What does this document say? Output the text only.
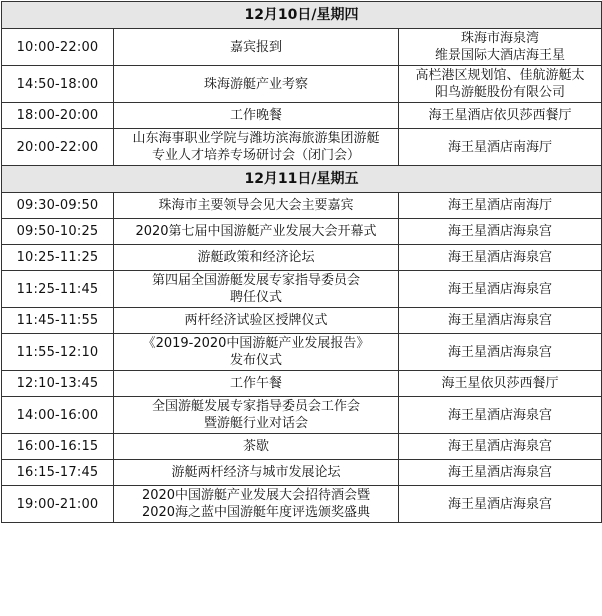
12月10日/星期四		
10:00-22:00	嘉宾报到	珠海市海泉湾
维景国际大酒店海王星
14:50-18:00	珠海游艇产业考察	高栏港区规划馆、佳航游艇太
阳鸟游艇股份有限公司
18:00-20:00	工作晚餐	海王星酒店依贝莎西餐厅
20:00-22:00	山东海事职业学院与潍坊滨海旅游集团游艇
专业人才培养专场研讨会（闭门会）	海王星酒店南海厅
12月11日/星期五		
09:30-09:50	珠海市主要领导会见大会主要嘉宾	海王星酒店南海厅
09:50-10:25	2020第七届中国游艇产业发展大会开幕式	海王星酒店海泉宫
10:25-11:25	游艇政策和经济论坛	海王星酒店海泉宫
11:25-11:45	第四届全国游艇发展专家指导委员会
聘任仪式	海王星酒店海泉宫
11:45-11:55	两杆经济试验区授牌仪式	海王星酒店海泉宫
11:55-12:10	《2019-2020中国游艇产业发展报告》
发布仪式	海王星酒店海泉宫
12:10-13:45	工作午餐	海王星依贝莎西餐厅
14:00-16:00	全国游艇发展专家指导委员会工作会
暨游艇行业对话会	海王星酒店海泉宫
16:00-16:15	茶歇	海王星酒店海泉宫
16:15-17:45	游艇两杆经济与城市发展论坛	海王星酒店海泉宫
19:00-21:00	2020中国游艇产业发展大会招待酒会暨
2020海之蓝中国游艇年度评选颁奖盛典	海王星酒店海泉宫
